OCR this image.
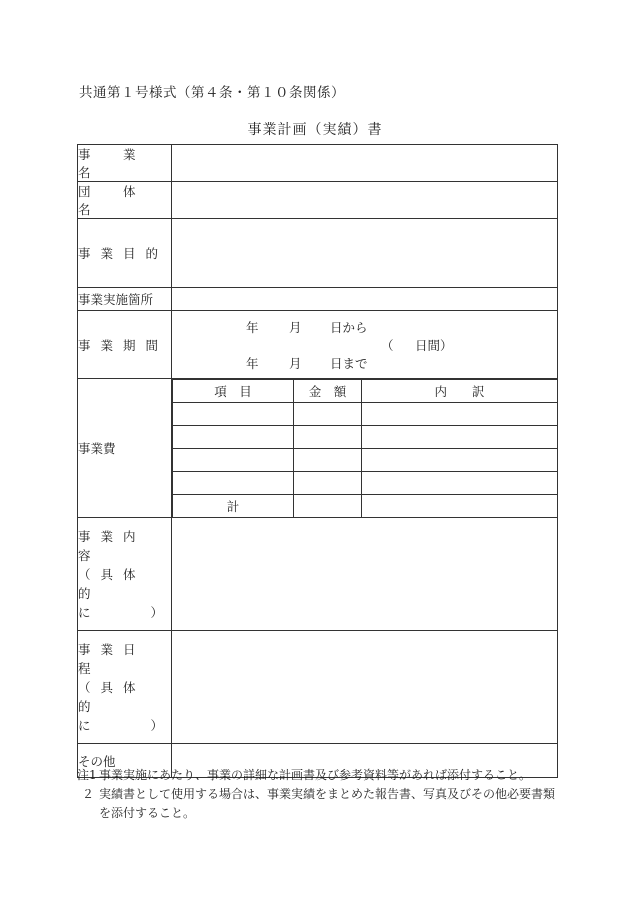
共通第１号様式（第４条・第１０条関係）
事業計画（実績）書
事　業　名	
団　体　名	
事業目的	
事業実施箇所	
事業期間	
年 月 日から
（ 日間）
年 月 日まで

事業費

項　目	金　額	内　　訳

計		

事業内容
（具体的
に	）

事業日程
（具体的
に	）

その他

注1 事業実施にあたり、事業の詳細な計画書及び参考資料等があれば添付すること。
２ 実績書として使用する場合は、事業実績をまとめた報告書、写真及びその他必要書類を添付すること。
